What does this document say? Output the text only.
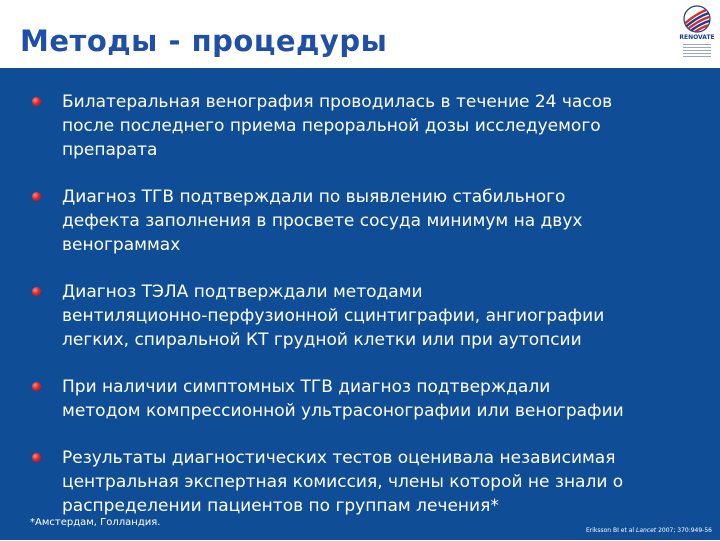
Методы - процедуры	RENOVATE
Билатеральная венография проводилась в течение 24 часов
после последнего приема пероральной дозы исследуемого
препарата
Диагноз ТГВ подтверждали по выявлению стабильного
дефекта заполнения в просвете сосуда минимум на двух
венограммах
Диагноз ТЭЛА подтверждали методами
вентиляционно-перфузионной сцинтиграфии, ангиографии
легких, спиральной КТ грудной клетки или при аутопсии
При наличии симптомных ТГВ диагноз подтверждали
методом компрессионной ультрасонографии или венографии
Результаты диагностических тестов оценивала независимая
центральная экспертная комиссия, члены которой не знали о
распределении пациентов по группам лечения*
*Амстердам, Голландия.
Eriksson BI et al Lancet 2007; 370:949-56
